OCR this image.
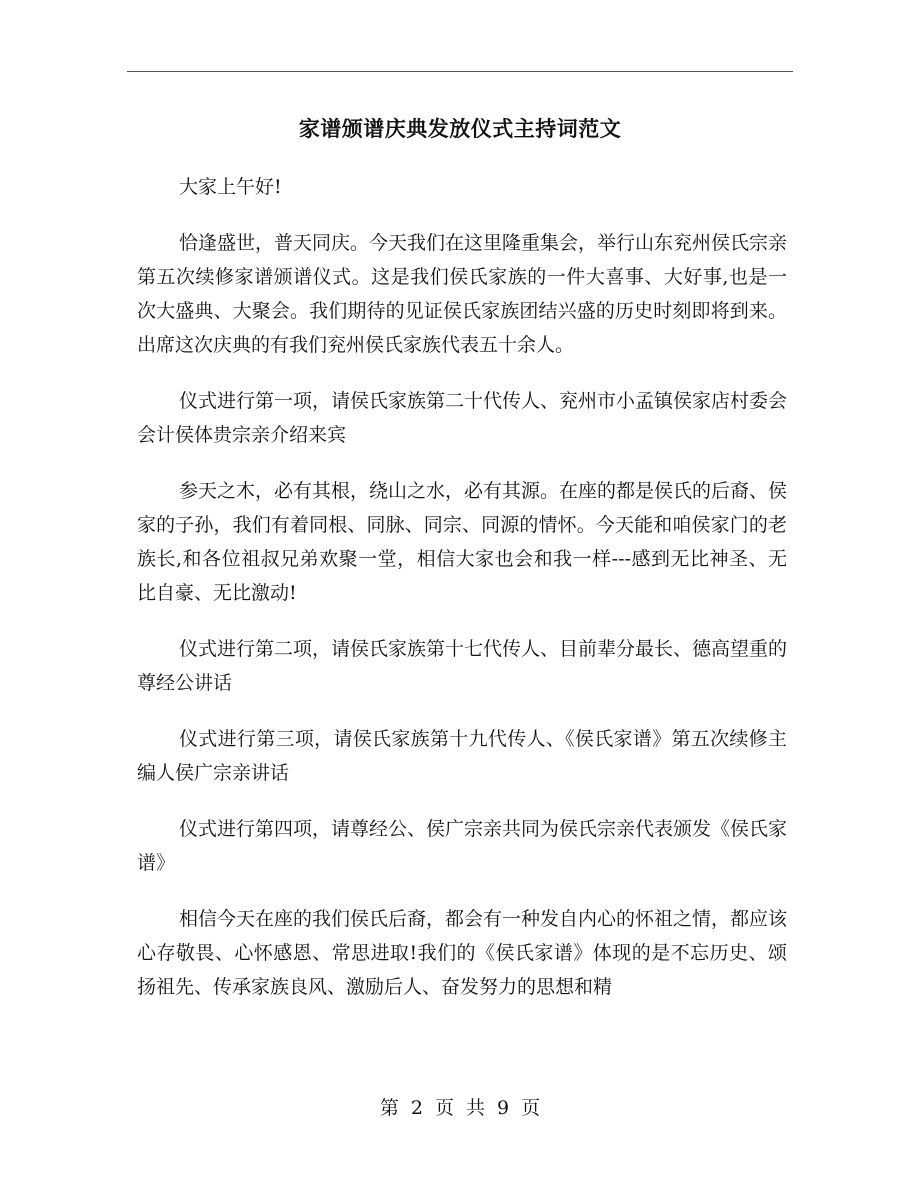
家谱颁谱庆典发放仪式主持词范文

大家上午好!

恰逢盛世，普天同庆。今天我们在这里隆重集会，举行山东兖州侯氏宗亲第五次续修家谱颁谱仪式。这是我们侯氏家族的一件大喜事、大好事,也是一次大盛典、大聚会。我们期待的见证侯氏家族团结兴盛的历史时刻即将到来。出席这次庆典的有我们兖州侯氏家族代表五十余人。

仪式进行第一项，请侯氏家族第二十代传人、兖州市小孟镇侯家店村委会会计侯体贵宗亲介绍来宾

参天之木，必有其根，绕山之水，必有其源。在座的都是侯氏的后裔、侯家的子孙，我们有着同根、同脉、同宗、同源的情怀。今天能和咱侯家门的老族长,和各位祖叔兄弟欢聚一堂，相信大家也会和我一样---感到无比神圣、无比自豪、无比激动!

仪式进行第二项，请侯氏家族第十七代传人、目前辈分最长、德高望重的尊经公讲话

仪式进行第三项，请侯氏家族第十九代传人、《侯氏家谱》第五次续修主编人侯广宗亲讲话

仪式进行第四项，请尊经公、侯广宗亲共同为侯氏宗亲代表颁发《侯氏家谱》

相信今天在座的我们侯氏后裔，都会有一种发自内心的怀祖之情，都应该心存敬畏、心怀感恩、常思进取!我们的《侯氏家谱》体现的是不忘历史、颂扬祖先、传承家族良风、激励后人、奋发努力的思想和精

第 2 页 共 9 页
